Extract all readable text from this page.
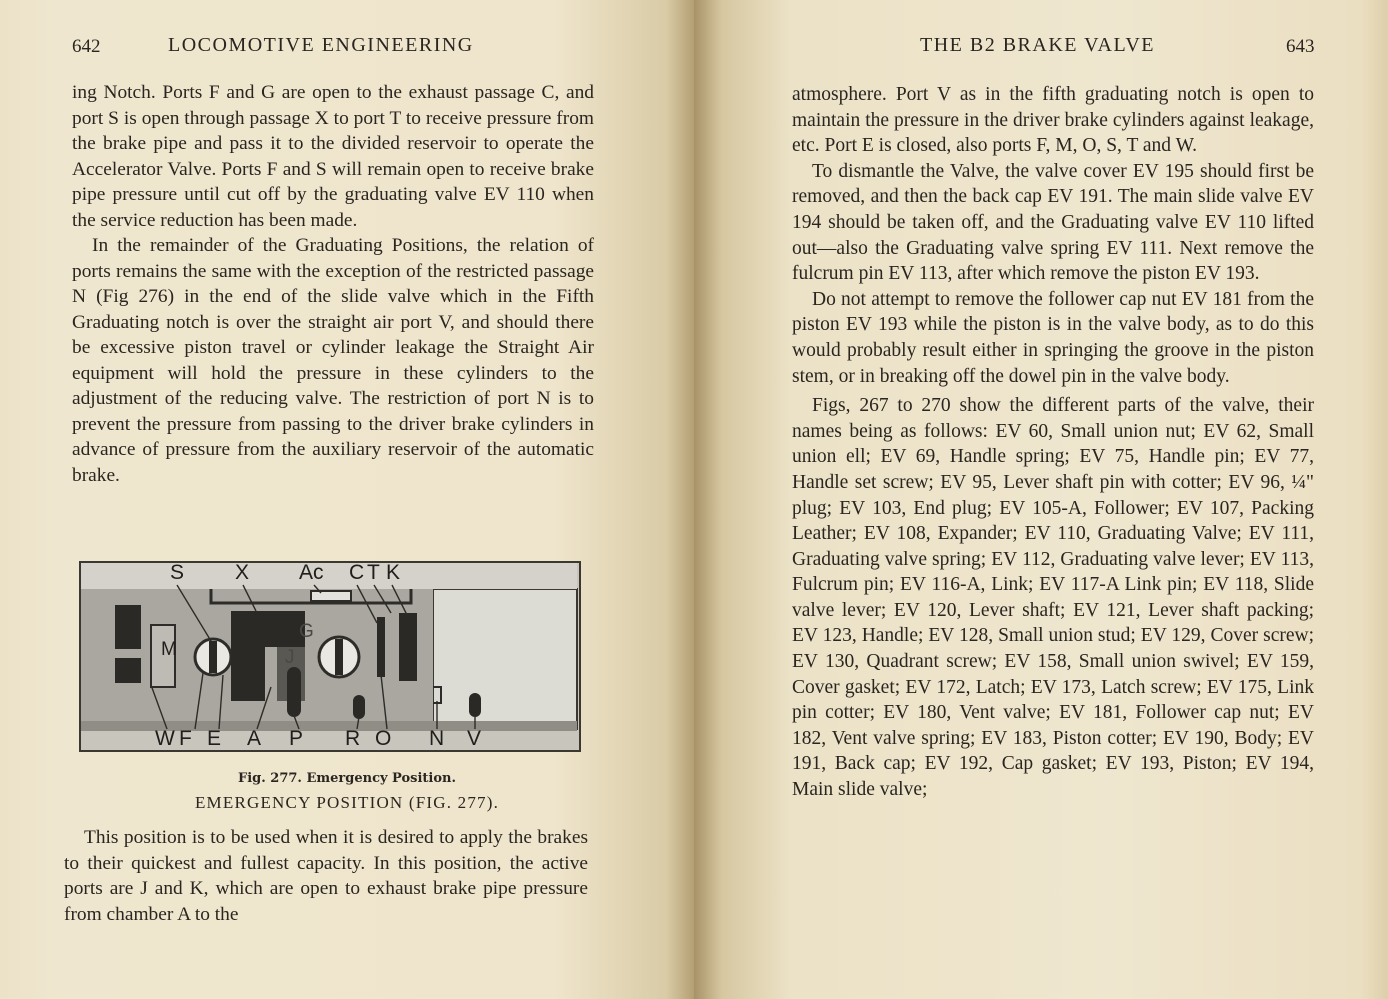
642	LOCOMOTIVE ENGINEERING

ing Notch. Ports F and G are open to the exhaust passage C, and port S is open through passage X to port T to receive pressure from the brake pipe and pass it to the divided reservoir to operate the Accelerator Valve. Ports F and S will remain open to receive brake pipe pressure until cut off by the graduating valve EV 110 when the service reduction has been made.

In the remainder of the Graduating Positions, the relation of ports remains the same with the exception of the restricted passage N (Fig 276) in the end of the slide valve which in the Fifth Graduating notch is over the straight air port V, and should there be excessive piston travel or cylinder leakage the Straight Air equipment will hold the pressure in these cylinders to the adjustment of the reducing valve. The restriction of port N is to prevent the pressure from passing to the driver brake cylinders in advance of pressure from the auxiliary reservoir of the automatic brake.

S X Ac C T K
M
G
J
W F E A P R O N V
Fig. 277. Emergency Position.
EMERGENCY POSITION (FIG. 277).

This position is to be used when it is desired to apply the brakes to their quickest and fullest capacity. In this position, the active ports are J and K, which are open to exhaust brake pipe pressure from chamber A to the

THE B2 BRAKE VALVE	643

atmosphere. Port V as in the fifth graduating notch is open to maintain the pressure in the driver brake cylinders against leakage, etc. Port E is closed, also ports F, M, O, S, T and W.

To dismantle the Valve, the valve cover EV 195 should first be removed, and then the back cap EV 191. The main slide valve EV 194 should be taken off, and the Graduating valve EV 110 lifted out—also the Graduating valve spring EV 111. Next remove the fulcrum pin EV 113, after which remove the piston EV 193.

Do not attempt to remove the follower cap nut EV 181 from the piston EV 193 while the piston is in the valve body, as to do this would probably result either in springing the groove in the piston stem, or in breaking off the dowel pin in the valve body.

Figs, 267 to 270 show the different parts of the valve, their names being as follows: EV 60, Small union nut; EV 62, Small union ell; EV 69, Handle spring; EV 75, Handle pin; EV 77, Handle set screw; EV 95, Lever shaft pin with cotter; EV 96, ¼" plug; EV 103, End plug; EV 105-A, Follower; EV 107, Packing Leather; EV 108, Expander; EV 110, Graduating Valve; EV 111, Graduating valve spring; EV 112, Graduating valve lever; EV 113, Fulcrum pin; EV 116-A, Link; EV 117-A Link pin; EV 118, Slide valve lever; EV 120, Lever shaft; EV 121, Lever shaft packing; EV 123, Handle; EV 128, Small union stud; EV 129, Cover screw; EV 130, Quadrant screw; EV 158, Small union swivel; EV 159, Cover gasket; EV 172, Latch; EV 173, Latch screw; EV 175, Link pin cotter; EV 180, Vent valve; EV 181, Follower cap nut; EV 182, Vent valve spring; EV 183, Piston cotter; EV 190, Body; EV 191, Back cap; EV 192, Cap gasket; EV 193, Piston; EV 194, Main slide valve;
